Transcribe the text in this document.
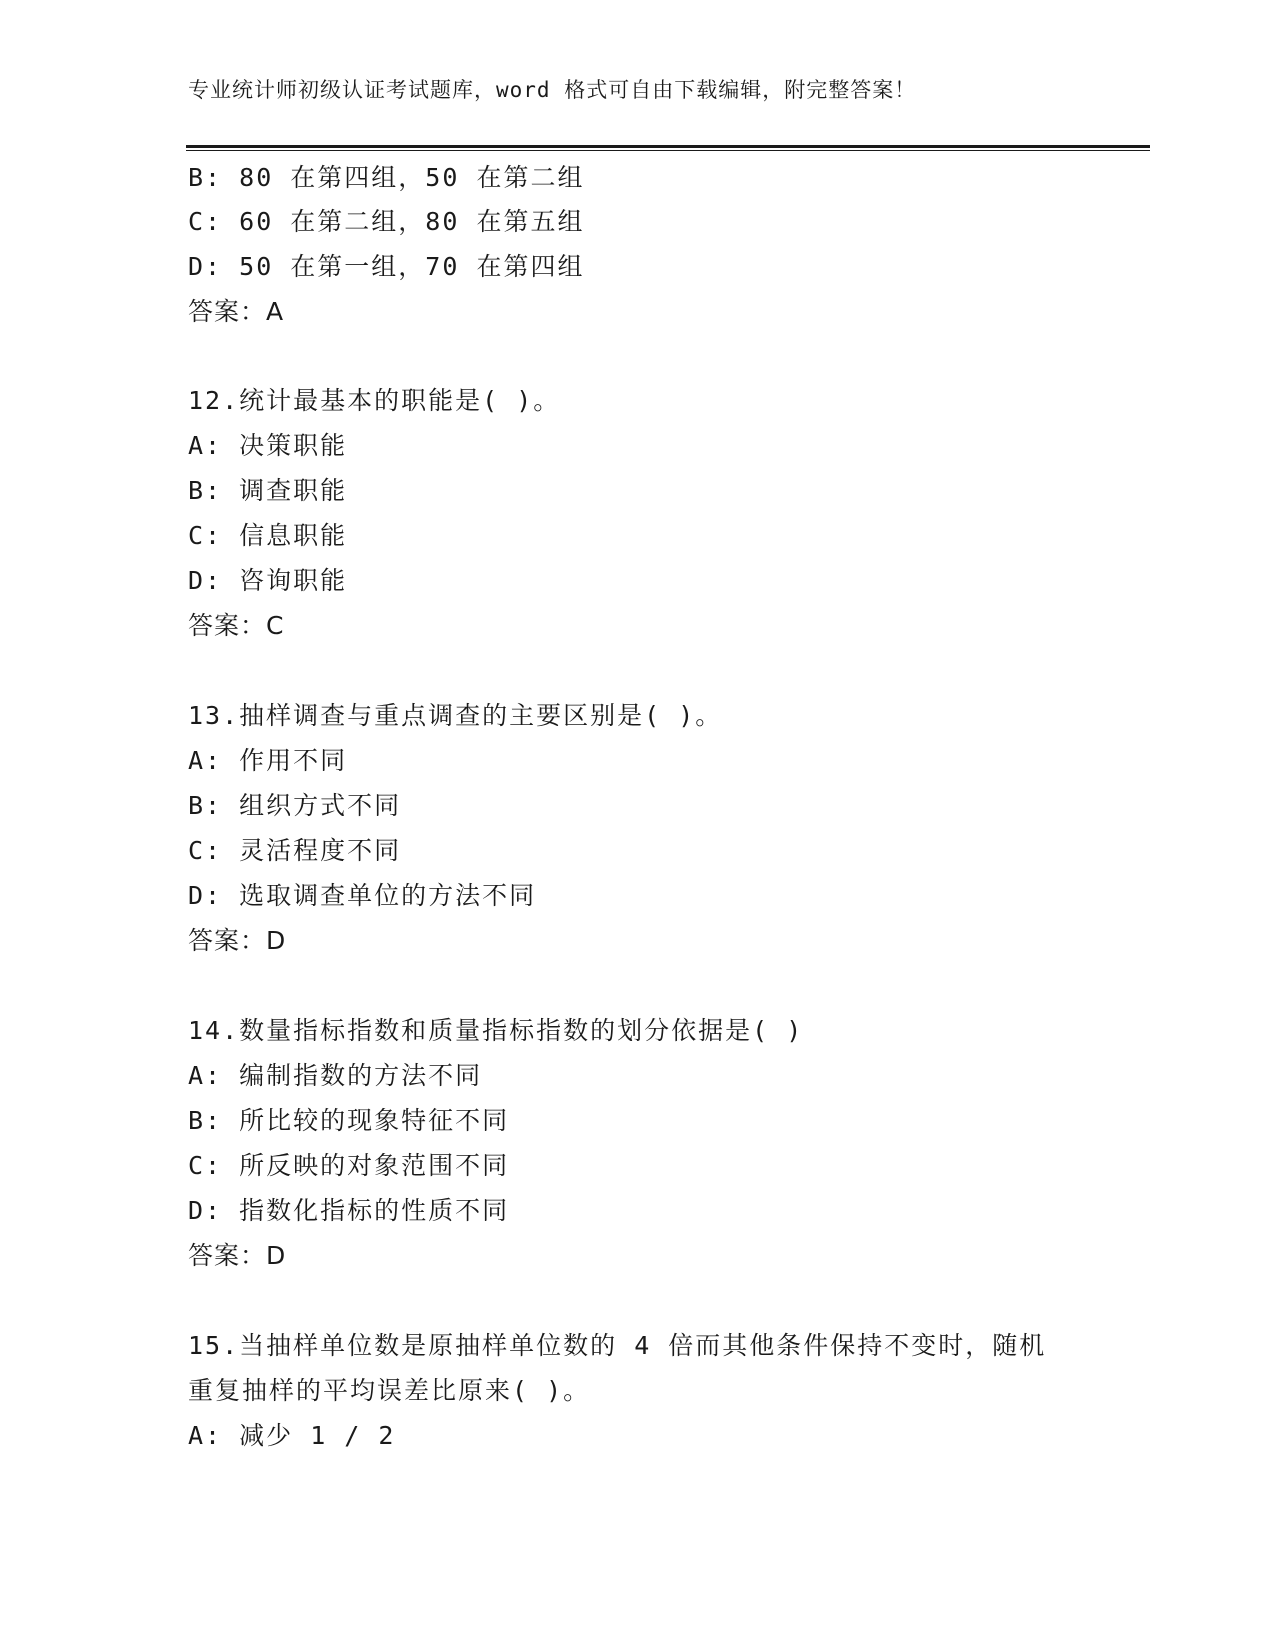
专业统计师初级认证考试题库，word 格式可自由下载编辑，附完整答案！
B: 80 在第四组，50 在第二组
C: 60 在第二组，80 在第五组
D: 50 在第一组，70 在第四组
答案：A
12.统计最基本的职能是( )。
A: 决策职能
B: 调查职能
C: 信息职能
D: 咨询职能
答案：C
13.抽样调查与重点调查的主要区别是( )。
A: 作用不同
B: 组织方式不同
C: 灵活程度不同
D: 选取调查单位的方法不同
答案：D
14.数量指标指数和质量指标指数的划分依据是( )
A: 编制指数的方法不同
B: 所比较的现象特征不同
C: 所反映的对象范围不同
D: 指数化指标的性质不同
答案：D
15.当抽样单位数是原抽样单位数的 4 倍而其他条件保持不变时，随机
重复抽样的平均误差比原来( )。
A: 减少 1 / 2
